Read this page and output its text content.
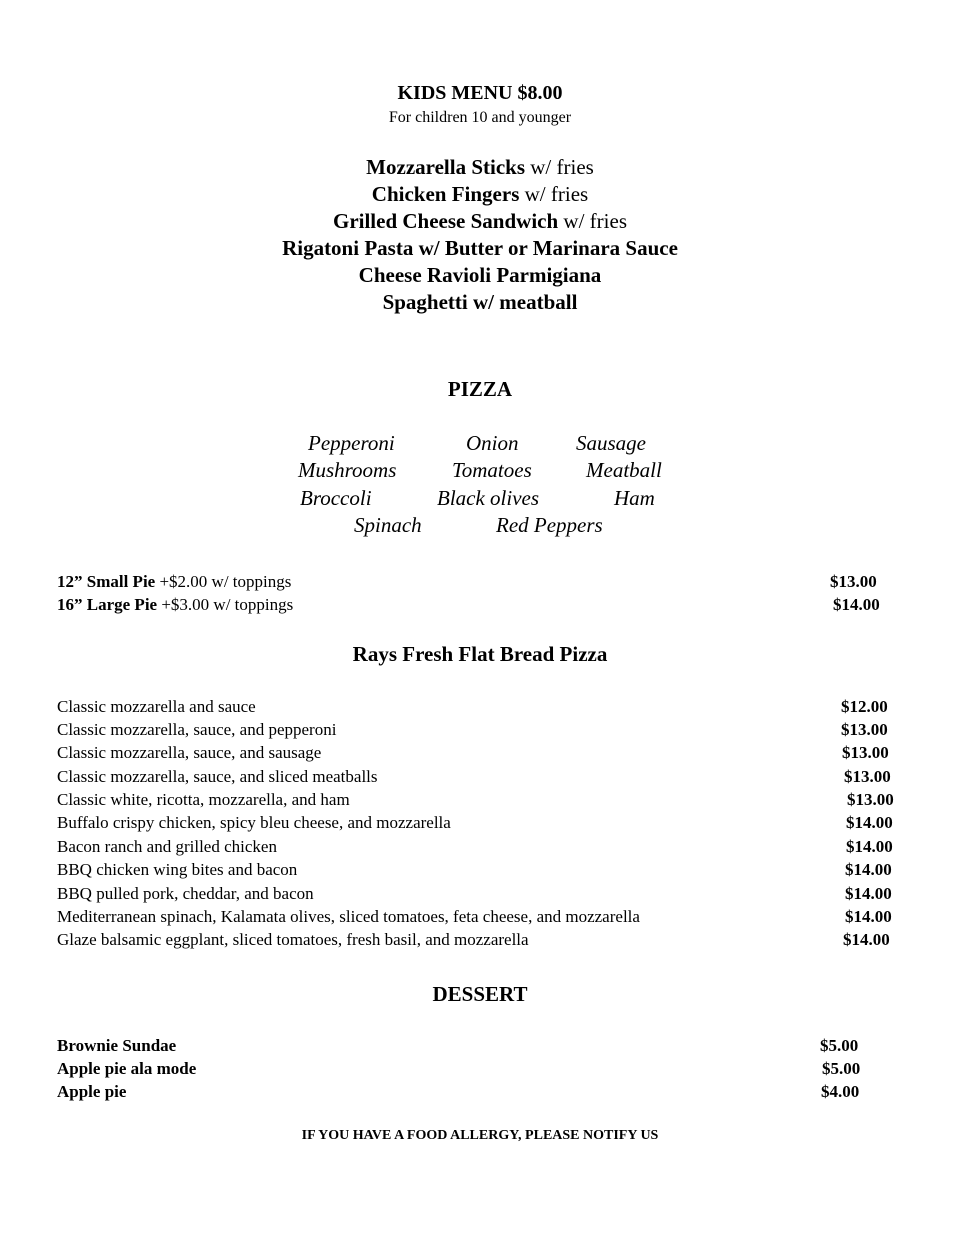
KIDS MENU $8.00
For children 10 and younger
Mozzarella Sticks w/ fries
Chicken Fingers w/ fries
Grilled Cheese Sandwich w/ fries
Rigatoni Pasta w/ Butter or Marinara Sauce
Cheese Ravioli Parmigiana
Spaghetti w/ meatball
PIZZA
Pepperoni	Onion	Sausage
Mushrooms	Tomatoes	Meatball
Broccoli	Black olives	Ham
Spinach	Red Peppers
12” Small Pie +$2.00 w/ toppings	$13.00
16” Large Pie +$3.00 w/ toppings	$14.00
Rays Fresh Flat Bread Pizza
Classic mozzarella and sauce	$12.00
Classic mozzarella, sauce, and pepperoni	$13.00
Classic mozzarella, sauce, and sausage	$13.00
Classic mozzarella, sauce, and sliced meatballs	$13.00
Classic white, ricotta, mozzarella, and ham	$13.00
Buffalo crispy chicken, spicy bleu cheese, and mozzarella	$14.00
Bacon ranch and grilled chicken	$14.00
BBQ chicken wing bites and bacon	$14.00
BBQ pulled pork, cheddar, and bacon	$14.00
Mediterranean spinach, Kalamata olives, sliced tomatoes, feta cheese, and mozzarella	$14.00
Glaze balsamic eggplant, sliced tomatoes, fresh basil, and mozzarella	$14.00
DESSERT
Brownie Sundae	$5.00
Apple pie ala mode	$5.00
Apple pie	$4.00
IF YOU HAVE A FOOD ALLERGY, PLEASE NOTIFY US
